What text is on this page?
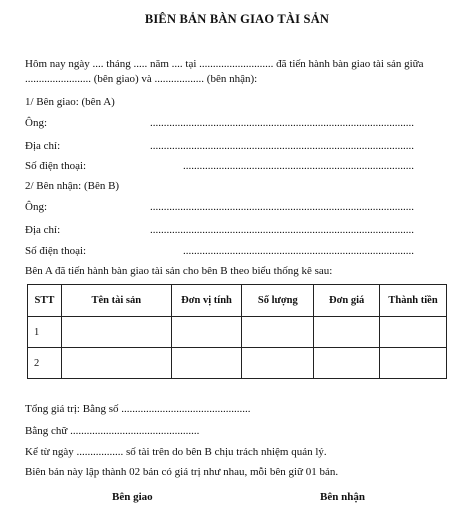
BIÊN BẢN BÀN GIAO TÀI SẢN
Hôm nay ngày .... tháng ..... năm .... tại ........................... đã tiến hành bàn giao tài sản giữa
........................ (bên giao) và .................. (bên nhận):
1/ Bên giao: (bên A)
Ông:	................................................................................................
Địa chỉ:	................................................................................................
Số điện thoại:	....................................................................................
2/ Bên nhận: (Bên B)
Ông:	................................................................................................
Địa chỉ:	................................................................................................
Số điện thoại:	....................................................................................
Bên A đã tiến hành bàn giao tài sản cho bên B theo biểu thống kê sau:
STT	Tên tài sản	Đơn vị tính	Số lượng	Đơn giá	Thành tiền
1					
2					
Tổng giá trị: Bằng số ...............................................
Bằng chữ ...............................................
Kể từ ngày ................. số tài trên do bên B chịu trách nhiệm quản lý.
Biên bản này lập thành 02 bản có giá trị như nhau, mỗi bên giữ 01 bản.
Bên giao	Bên nhận
